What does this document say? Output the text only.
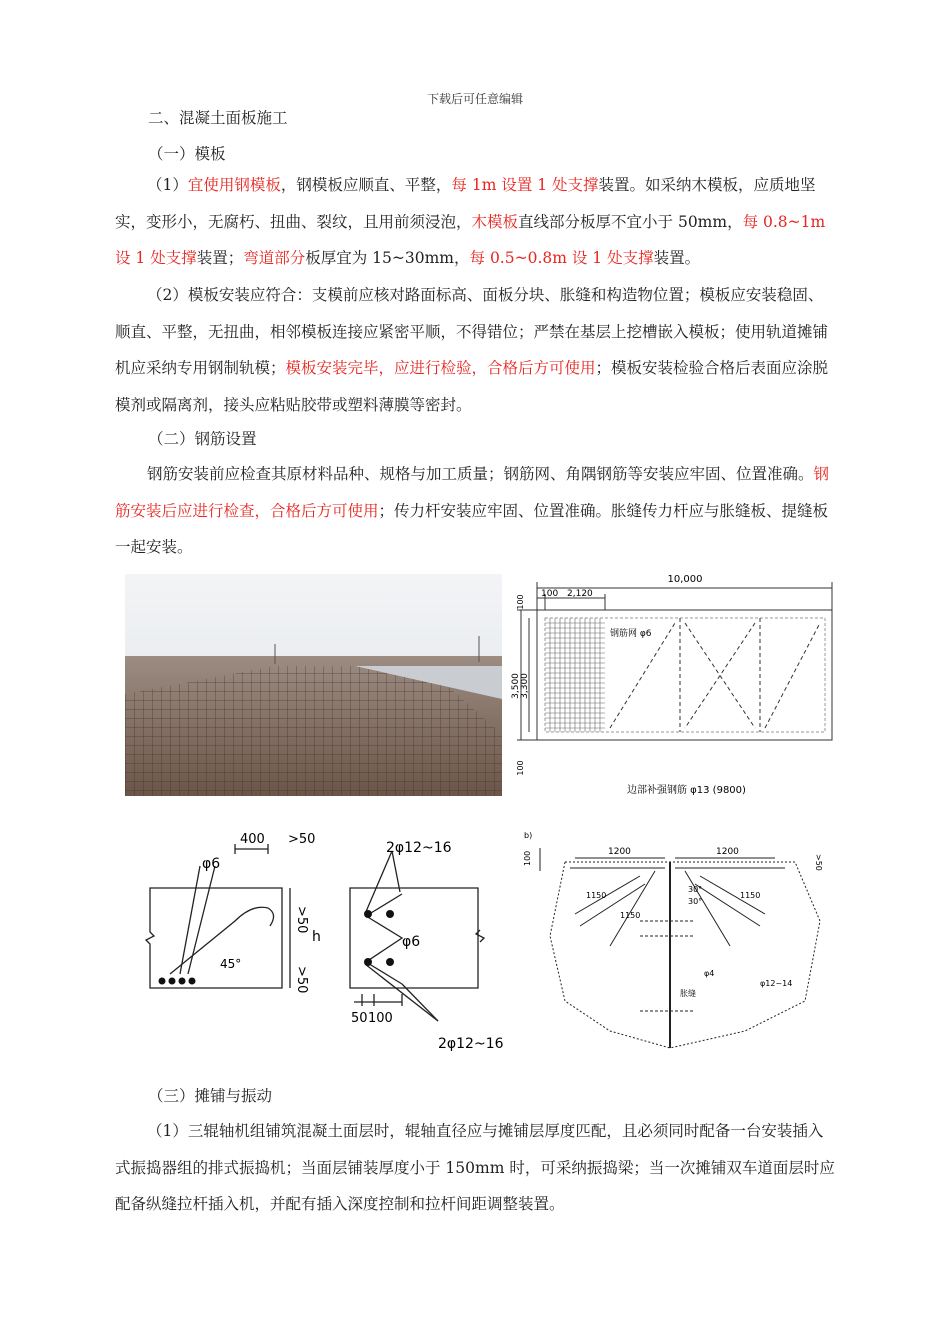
下载后可任意编辑

二、混凝土面板施工

（一）模板

（1）宜使用钢模板，钢模板应顺直、平整，每 1m 设置 1 处支撑装置。如采纳木模板，应质地坚实，变形小，无腐朽、扭曲、裂纹，且用前须浸泡，木模板直线部分板厚不宜小于 50mm，每 0.8~1m 设 1 处支撑装置；弯道部分板厚宜为 15~30mm，每 0.5~0.8m 设 1 处支撑装置。

（2）模板安装应符合：支模前应核对路面标高、面板分块、胀缝和构造物位置；模板应安装稳固、顺直、平整，无扭曲，相邻模板连接应紧密平顺，不得错位；严禁在基层上挖槽嵌入模板；使用轨道摊铺机应采纳专用钢制轨模；模板安装完毕，应进行检验，合格后方可使用；模板安装检验合格后表面应涂脱模剂或隔离剂，接头应粘贴胶带或塑料薄膜等密封。

（二）钢筋设置

钢筋安装前应检查其原材料品种、规格与加工质量；钢筋网、角隅钢筋等安装应牢固、位置准确。钢筋安装后应进行检查，合格后方可使用；传力杆安装应牢固、位置准确。胀缝传力杆应与胀缝板、提缝板一起安装。

10,000
100 2,120
钢筋网 φ6
3,500 3,300
100
100
边部补强钢筋 φ13 (9800)
400 >50
φ6
45°
2φ12~16
h	φ6
>50
>50
50 100
2φ12~16
b)
1200	1200
1150	1150
1150
30°
30°
100	>50
φ4
胀缝
φ12~14

（三）摊铺与振动

（1）三辊轴机组铺筑混凝土面层时，辊轴直径应与摊铺层厚度匹配，且必须同时配备一台安装插入式振捣器组的排式振捣机；当面层铺装厚度小于 150mm 时，可采纳振捣梁；当一次摊铺双车道面层时应配备纵缝拉杆插入机，并配有插入深度控制和拉杆间距调整装置。
